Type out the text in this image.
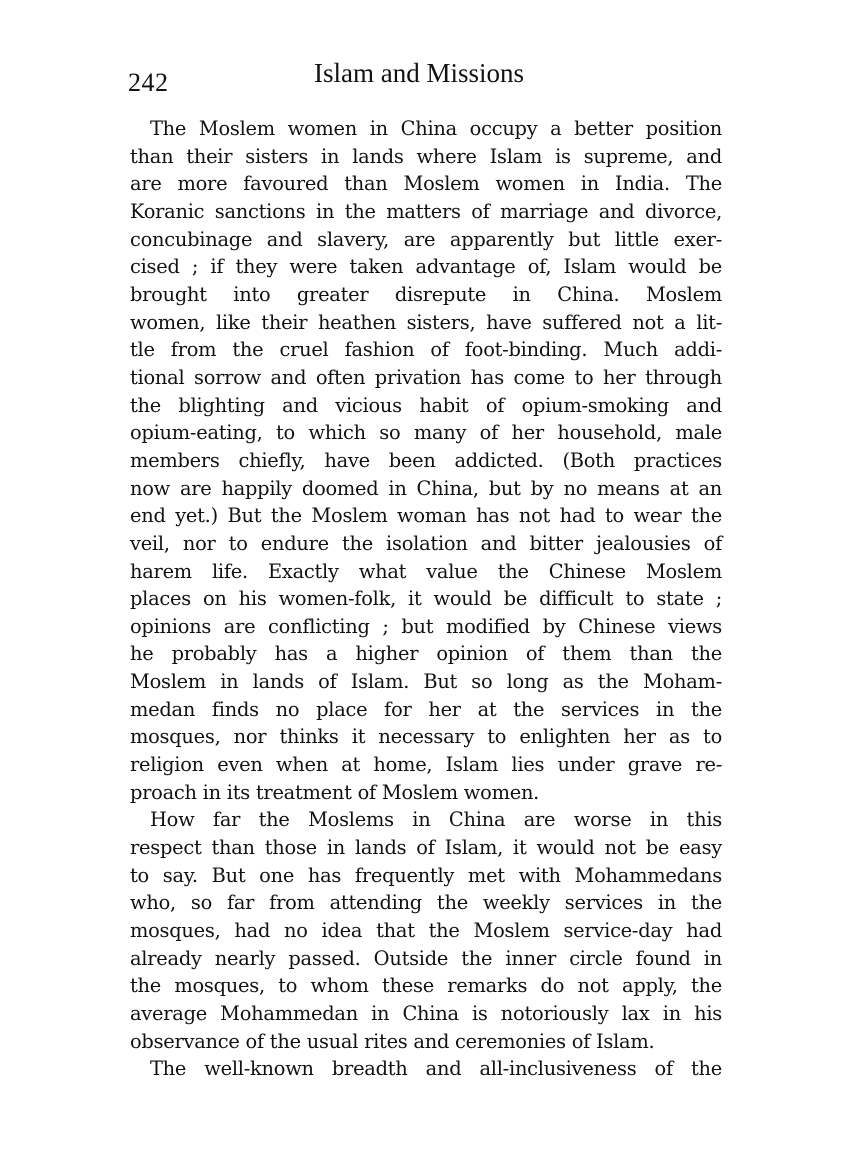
242	Islam and Missions
The Moslem women in China occupy a better position
than their sisters in lands where Islam is supreme, and
are more favoured than Moslem women in India. The
Koranic sanctions in the matters of marriage and divorce,
concubinage and slavery, are apparently but little exer-
cised ; if they were taken advantage of, Islam would be
brought into greater disrepute in China. Moslem
women, like their heathen sisters, have suffered not a lit-
tle from the cruel fashion of foot-binding. Much addi-
tional sorrow and often privation has come to her through
the blighting and vicious habit of opium-smoking and
opium-eating, to which so many of her household, male
members chiefly, have been addicted. (Both practices
now are happily doomed in China, but by no means at an
end yet.) But the Moslem woman has not had to wear the
veil, nor to endure the isolation and bitter jealousies of
harem life. Exactly what value the Chinese Moslem
places on his women-folk, it would be difficult to state ;
opinions are conflicting ; but modified by Chinese views
he probably has a higher opinion of them than the
Moslem in lands of Islam. But so long as the Moham-
medan finds no place for her at the services in the
mosques, nor thinks it necessary to enlighten her as to
religion even when at home, Islam lies under grave re-
proach in its treatment of Moslem women.
How far the Moslems in China are worse in this
respect than those in lands of Islam, it would not be easy
to say. But one has frequently met with Mohammedans
who, so far from attending the weekly services in the
mosques, had no idea that the Moslem service-day had
already nearly passed. Outside the inner circle found in
the mosques, to whom these remarks do not apply, the
average Mohammedan in China is notoriously lax in his
observance of the usual rites and ceremonies of Islam.
The well-known breadth and all-inclusiveness of the
